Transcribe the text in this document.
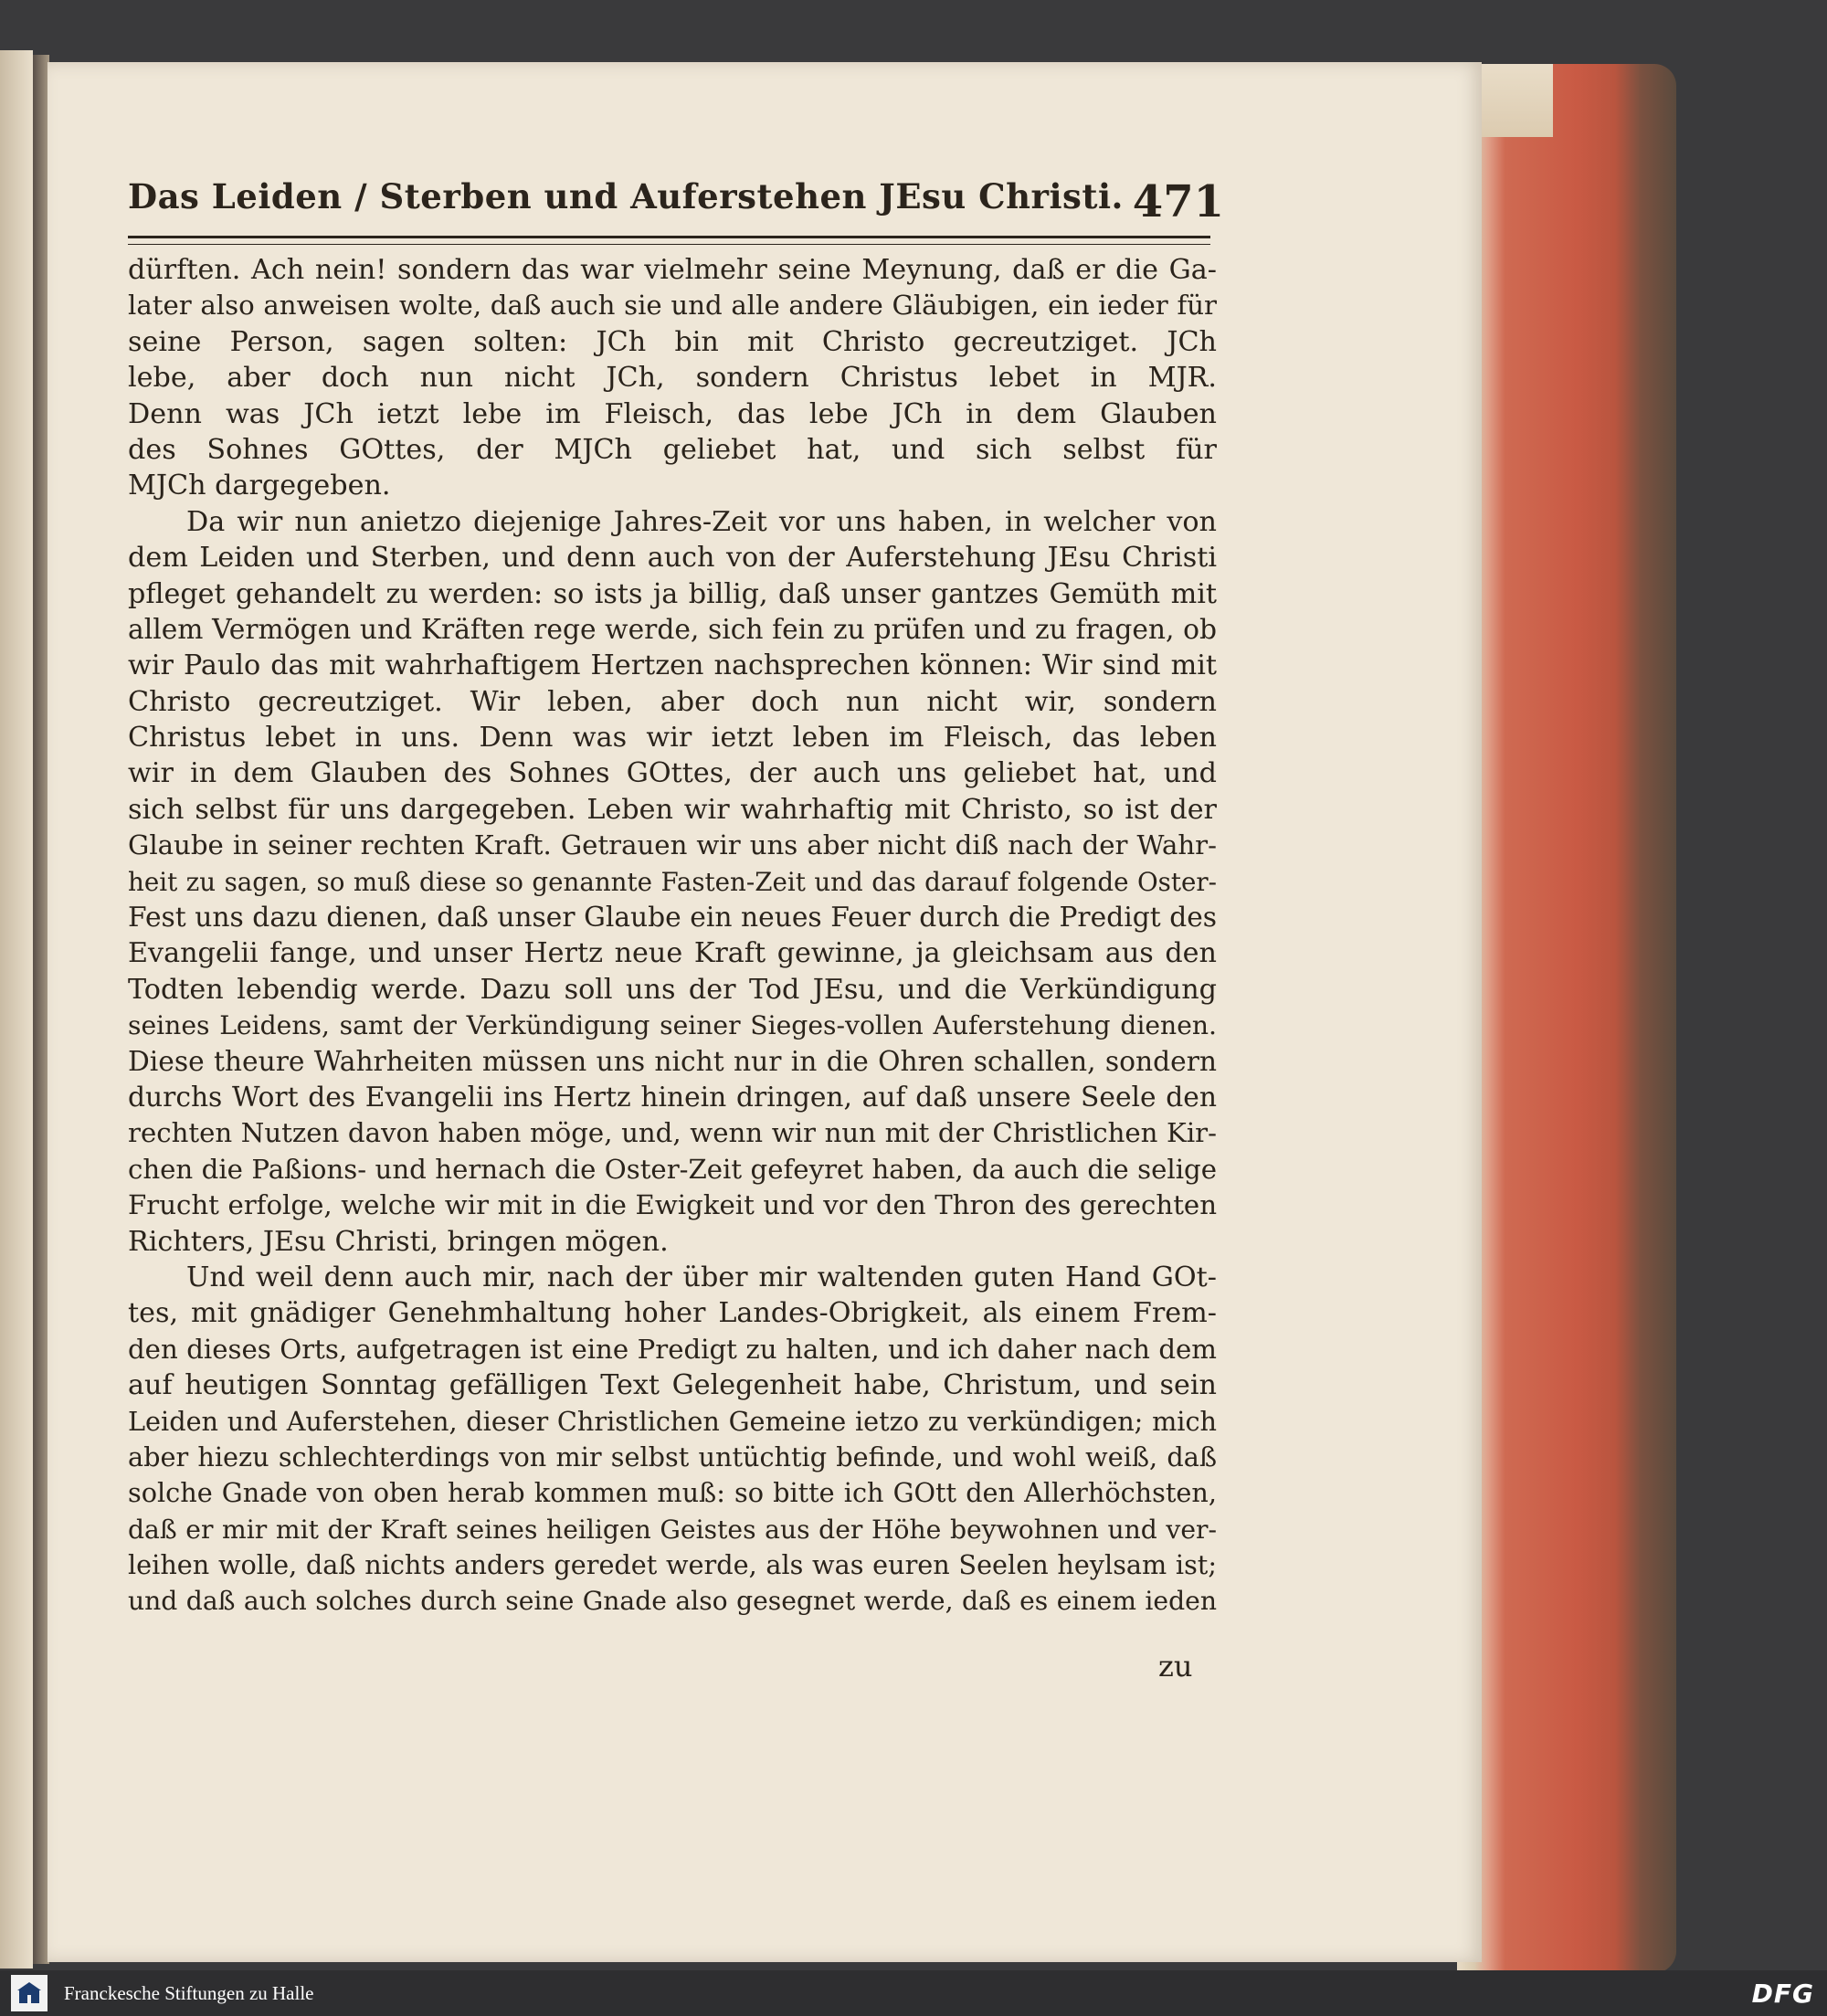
Das Leiden / Sterben und Auferstehen JEsu Christi. 471
dürften. Ach nein! sondern das war vielmehr seine Meynung, daß er die Ga-
later also anweisen wolte, daß auch sie und alle andere Gläubigen, ein ieder für
seine Person, sagen solten: JCh bin mit Christo gecreutziget. JCh
lebe, aber doch nun nicht JCh, sondern Christus lebet in MJR.
Denn was JCh ietzt lebe im Fleisch, das lebe JCh in dem Glauben
des Sohnes GOttes, der MJCh geliebet hat, und sich selbst für
MJCh dargegeben.
Da wir nun anietzo diejenige Jahres-Zeit vor uns haben, in welcher von
dem Leiden und Sterben, und denn auch von der Auferstehung JEsu Christi
pfleget gehandelt zu werden: so ists ja billig, daß unser gantzes Gemüth mit
allem Vermögen und Kräften rege werde, sich fein zu prüfen und zu fragen, ob
wir Paulo das mit wahrhaftigem Hertzen nachsprechen können: Wir sind mit
Christo gecreutziget. Wir leben, aber doch nun nicht wir, sondern
Christus lebet in uns. Denn was wir ietzt leben im Fleisch, das leben
wir in dem Glauben des Sohnes GOttes, der auch uns geliebet hat, und
sich selbst für uns dargegeben. Leben wir wahrhaftig mit Christo, so ist der
Glaube in seiner rechten Kraft. Getrauen wir uns aber nicht diß nach der Wahr-
heit zu sagen, so muß diese so genannte Fasten-Zeit und das darauf folgende Oster-
Fest uns dazu dienen, daß unser Glaube ein neues Feuer durch die Predigt des
Evangelii fange, und unser Hertz neue Kraft gewinne, ja gleichsam aus den
Todten lebendig werde. Dazu soll uns der Tod JEsu, und die Verkündigung
seines Leidens, samt der Verkündigung seiner Sieges-vollen Auferstehung dienen.
Diese theure Wahrheiten müssen uns nicht nur in die Ohren schallen, sondern
durchs Wort des Evangelii ins Hertz hinein dringen, auf daß unsere Seele den
rechten Nutzen davon haben möge, und, wenn wir nun mit der Christlichen Kir-
chen die Paßions- und hernach die Oster-Zeit gefeyret haben, da auch die selige
Frucht erfolge, welche wir mit in die Ewigkeit und vor den Thron des gerechten
Richters, JEsu Christi, bringen mögen.
Und weil denn auch mir, nach der über mir waltenden guten Hand GOt-
tes, mit gnädiger Genehmhaltung hoher Landes-Obrigkeit, als einem Frem-
den dieses Orts, aufgetragen ist eine Predigt zu halten, und ich daher nach dem
auf heutigen Sonntag gefälligen Text Gelegenheit habe, Christum, und sein
Leiden und Auferstehen, dieser Christlichen Gemeine ietzo zu verkündigen; mich
aber hiezu schlechterdings von mir selbst untüchtig befinde, und wohl weiß, daß
solche Gnade von oben herab kommen muß: so bitte ich GOtt den Allerhöchsten,
daß er mir mit der Kraft seines heiligen Geistes aus der Höhe beywohnen und ver-
leihen wolle, daß nichts anders geredet werde, als was euren Seelen heylsam ist;
und daß auch solches durch seine Gnade also gesegnet werde, daß es einem ieden
zu
Franckesche Stiftungen zu Halle	DFG
